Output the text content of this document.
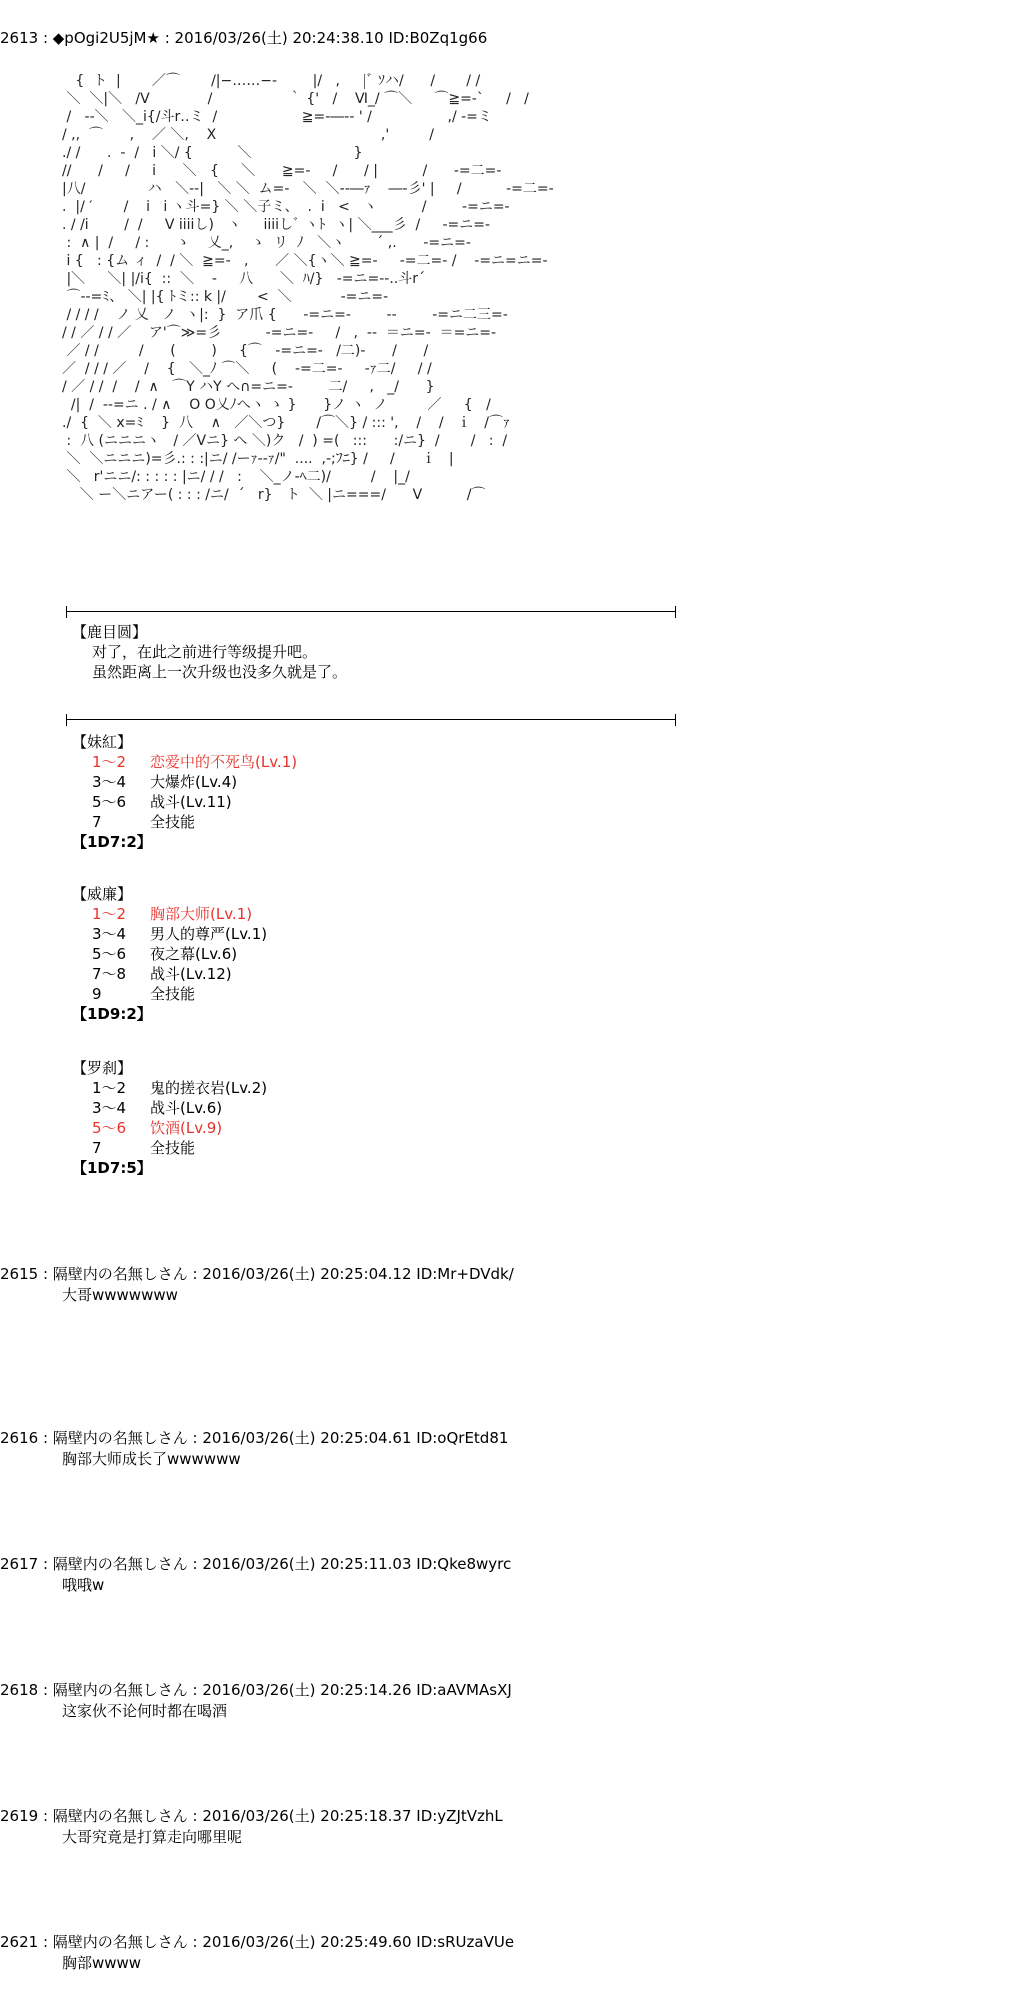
2613 : ◆pOgi2U5jM★ : 2016/03/26(土) 20:24:38.10 ID:B0Zq1g66
{  ト  |       ／⌒       /|−‥‥‥−-        |/   ,     |ﾞ ｿハ/      /       / /
＼  ＼|＼   /V             /                 ｀ {'   /    Ⅵ_/ ⌒＼     ⌒≧=-`     /   /
/   --＼   ＼_i{/斗r‥ミ  /                   ≧=-―‐‐ ' /                 ,/ -=ミ
/ ,,  ⌒      ,    ／ ＼,    X                                     ,'         /
./ /      .  -  /   i ＼/ {          ＼                       }
//      /     /     i      ＼   {     ＼      ≧=-     /      / |          /      -=二=-
|八/              ハ   ＼-‐|   ＼ ＼  ム=-   ＼  ＼--―ｧ    ―-彡' |     /          -=二=-
.  |/ ′       /    i   i ヽ斗=} ＼ ＼子ミ、  .  i   <   ヽ          /        -=ニ=-
. / /i        /  /     V iiiiし)   ヽ     iiiiしﾞ ヽﾄ  ヽ| ＼___彡  /     -=ニ=-
:  ∧ |  /     / :      ゝ    乂_,    ゝ  リ  ﾉ   ＼ヽ       ´ ,.      -=ニ=-
i {   : {ム ィ  /  / ＼  ≧=-   ,      ／ ＼{ヽ＼ ≧=-     -=二=- /    -=ニ=ニ=-
|＼     ＼| |/i{  ::  ＼    ‐     八      ＼  ﾊ/}   -=ニ=-‐..斗r´
⌒--=ﾐ、 ＼| |{ ﾄミ:: k |/       <  ＼           -=ニ=-
/ / / /    ノ 乂   ノ  ヽ|:  }  ア爪 {      -=ニ=-        -‐        -=ニ二三=-
/ / ／ / / ／    ア'⌒≫=彡          -=ニ=-     /   ,  -‐  ＝ニ=-  ＝=ニ=-
／ / /         /      (        )     {⌒   -=ニ=-   /二)-      /      /
／  / / / ／    /    {   ＼_ﾉ ⌒＼     (    -=二=-     -ｧ二/     / /
/ ／ / /  /    /  ∧   ⌒Y ハY へ∩=ニ=-        二/     ,   _/      }
/|  /  --=ニ . / ∧    O O乂ﾉへヽ ゝ }      }ノ ヽ  ノ         ／     {   /
./  {  ＼ x=ﾐ    }  八    ∧   ／＼つ}       /⌒＼} / ::: ',    /    /   ｉ   /⌒ｧ
:  八 (ニニニヽ   / ／Vニ} へ ＼)ク   /  ) =(   :::      :/ニ}  /       /   :  /
＼  ＼ニニニ)=彡.: : :|ニ/ /ーｧ--ｧ/"  ....  ,-;ﾌﾆ} /     /      ｉ   |
＼   r'ニニ/: : : : : |ニ/ / /   :    ＼_ノ-ﾍ二)/         /    |_/
＼ ー＼ニアー( : : : /ニ/  ´   r}   ト  ＼ |ニ===/      V          /⌒
【鹿目圆】
对了，在此之前进行等级提升吧。
虽然距离上一次升级也没多久就是了。
【妹紅】
1～2 恋爱中的不死鸟(Lv.1)
3～4 大爆炸(Lv.4)
5～6 战斗(Lv.11)
7	全技能
【1D7:2】
【威廉】
1～2 胸部大师(Lv.1)
3～4 男人的尊严(Lv.1)
5～6 夜之幕(Lv.6)
7～8 战斗(Lv.12)
9	全技能
【1D9:2】
【罗刹】
1～2 鬼的搓衣岩(Lv.2)
3～4 战斗(Lv.6)
5～6 饮酒(Lv.9)
7	全技能
【1D7:5】
2615 : 隔壁内の名無しさん : 2016/03/26(土) 20:25:04.12 ID:Mr+DVdk/
大哥wwwwwww
2616 : 隔壁内の名無しさん : 2016/03/26(土) 20:25:04.61 ID:oQrEtd81
胸部大师成长了wwwwww
2617 : 隔壁内の名無しさん : 2016/03/26(土) 20:25:11.03 ID:Qke8wyrc
哦哦w
2618 : 隔壁内の名無しさん : 2016/03/26(土) 20:25:14.26 ID:aAVMAsXJ
这家伙不论何时都在喝酒
2619 : 隔壁内の名無しさん : 2016/03/26(土) 20:25:18.37 ID:yZJtVzhL
大哥究竟是打算走向哪里呢
2621 : 隔壁内の名無しさん : 2016/03/26(土) 20:25:49.60 ID:sRUzaVUe
胸部wwww
